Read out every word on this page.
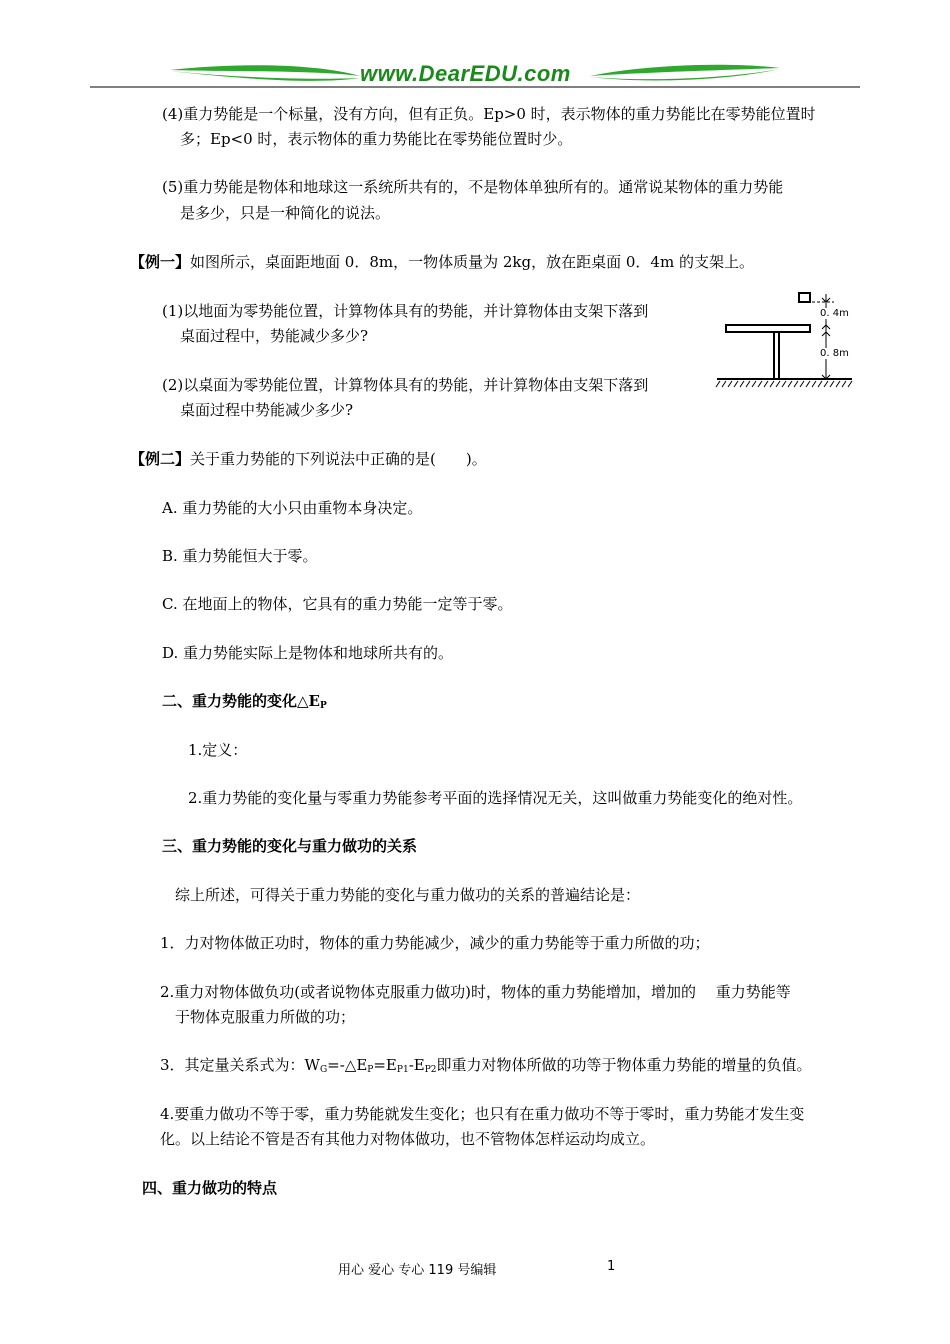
www.DearEDU.com
(4)重力势能是一个标量，没有方向，但有正负。Ep>0 时，表示物体的重力势能比在零势能位置时
多；Ep<0 时，表示物体的重力势能比在零势能位置时少。
(5)重力势能是物体和地球这一系统所共有的，不是物体单独所有的。通常说某物体的重力势能
是多少，只是一种简化的说法。
【例一】如图所示，桌面距地面 0．8m，一物体质量为 2kg，放在距桌面 0．4m 的支架上。
(1)以地面为零势能位置，计算物体具有的势能，并计算物体由支架下落到
桌面过程中，势能减少多少?
(2)以桌面为零势能位置，计算物体具有的势能，并计算物体由支架下落到
桌面过程中势能减少多少?
0. 4m
0. 8m
【例二】关于重力势能的下列说法中正确的是(　　)。
A. 重力势能的大小只由重物本身决定。
B. 重力势能恒大于零。
C. 在地面上的物体，它具有的重力势能一定等于零。
D. 重力势能实际上是物体和地球所共有的。
二、重力势能的变化$\triangle E_P$
1.定义：
2.重力势能的变化量与零重力势能参考平面的选择情况无关，这叫做重力势能变化的绝对性。
三、重力势能的变化与重力做功的关系
综上所述，可得关于重力势能的变化与重力做功的关系的普遍结论是：
1．力对物体做正功时，物体的重力势能减少，减少的重力势能等于重力所做的功；
2.重力对物体做负功(或者说物体克服重力做功)时，物体的重力势能增加，增加的　 重力势能等
于物体克服重力所做的功；
3．其定量关系式为：$W_G=-\triangle E_P=E_{P1}-E_{P2}$即重力对物体所做的功等于物体重力势能的增量的负值。
4.要重力做功不等于零，重力势能就发生变化；也只有在重力做功不等于零时，重力势能才发生变
化。以上结论不管是否有其他力对物体做功，也不管物体怎样运动均成立。
四、重力做功的特点
用心 爱心 专心 119 号编辑	1
